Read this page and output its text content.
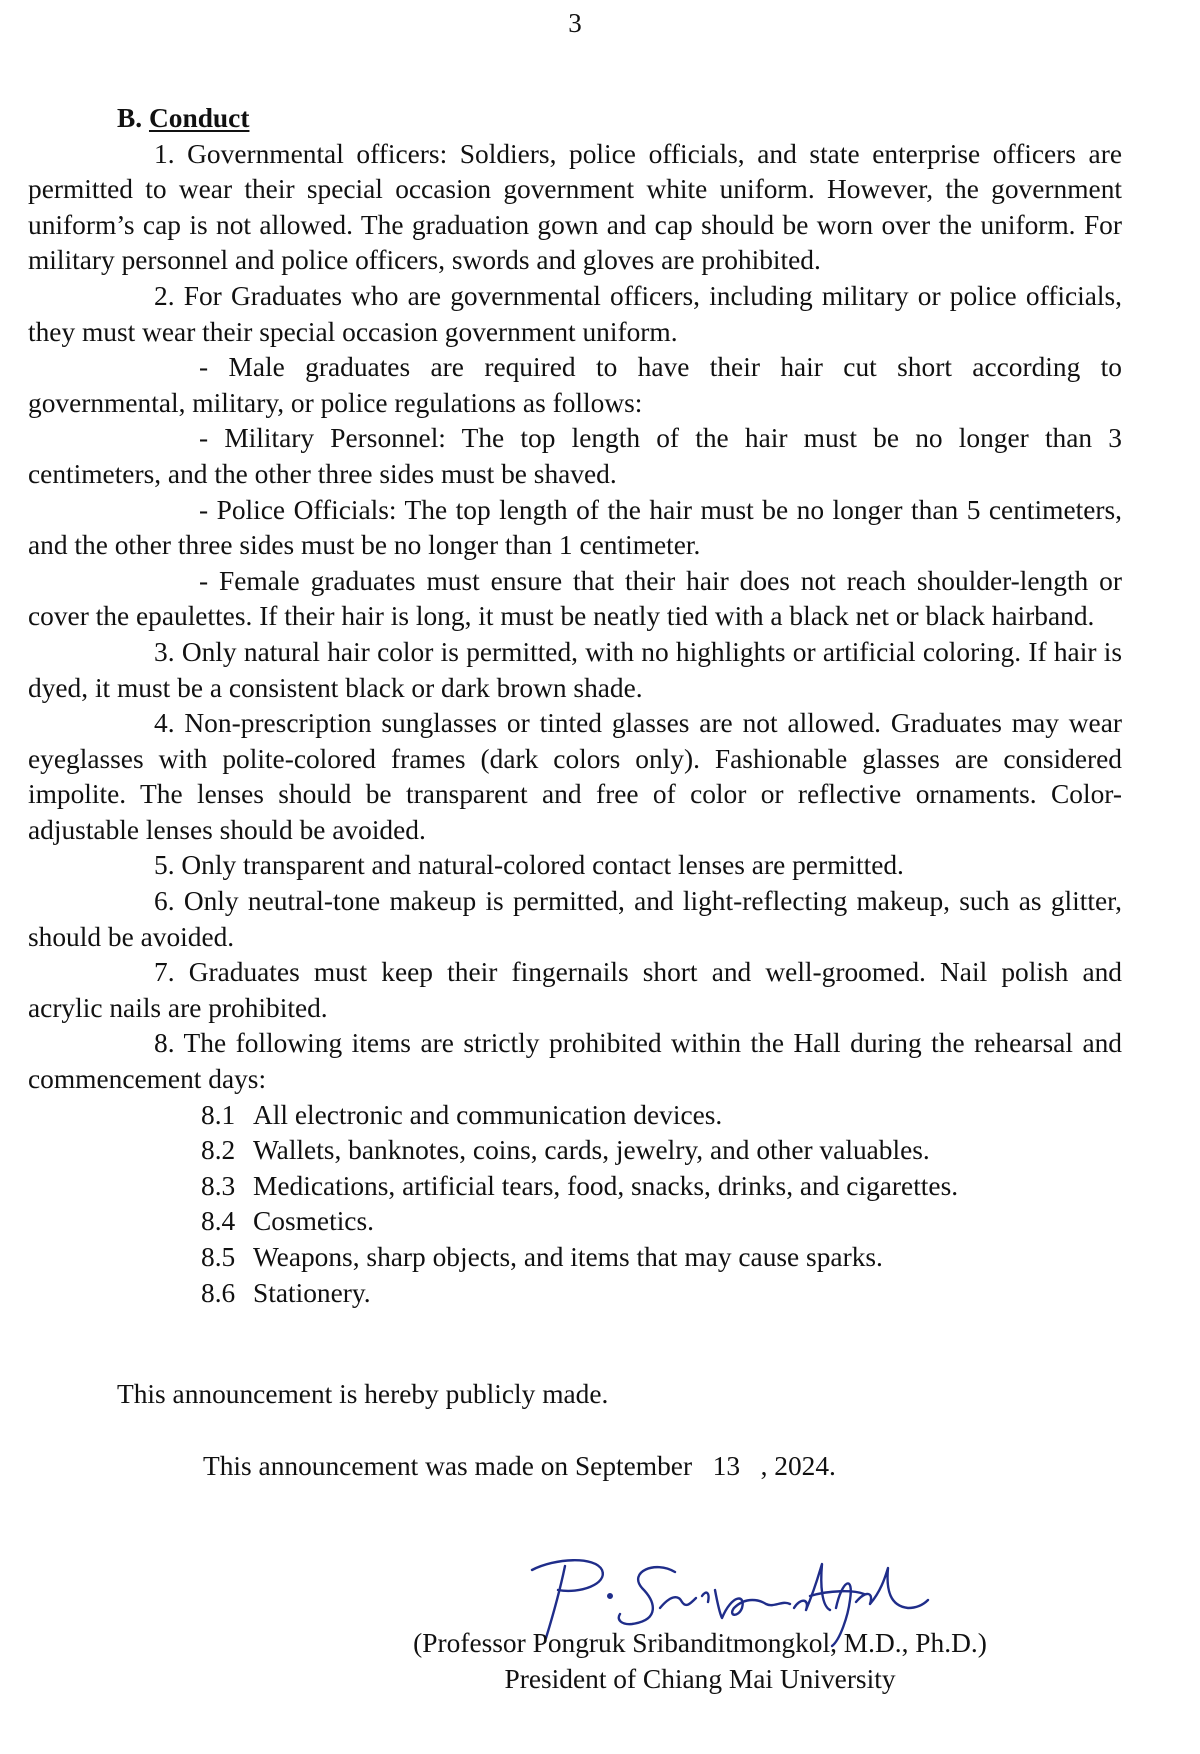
3
B. Conduct
1. Governmental officers: Soldiers, police officials, and state enterprise officers are permitted to wear their special occasion government white uniform. However, the government uniform’s cap is not allowed. The graduation gown and cap should be worn over the uniform. For military personnel and police officers, swords and gloves are prohibited.
2. For Graduates who are governmental officers, including military or police officials, they must wear their special occasion government uniform.
- Male graduates are required to have their hair cut short according to governmental, military, or police regulations as follows:
- Military Personnel: The top length of the hair must be no longer than 3 centimeters, and the other three sides must be shaved.
- Police Officials: The top length of the hair must be no longer than 5 centimeters, and the other three sides must be no longer than 1 centimeter.
- Female graduates must ensure that their hair does not reach shoulder-length or cover the epaulettes. If their hair is long, it must be neatly tied with a black net or black hairband.
3. Only natural hair color is permitted, with no highlights or artificial coloring. If hair is dyed, it must be a consistent black or dark brown shade.
4. Non-prescription sunglasses or tinted glasses are not allowed. Graduates may wear eyeglasses with polite-colored frames (dark colors only). Fashionable glasses are considered impolite. The lenses should be transparent and free of color or reflective ornaments. Color-adjustable lenses should be avoided.
5. Only transparent and natural-colored contact lenses are permitted.
6. Only neutral-tone makeup is permitted, and light-reflecting makeup, such as glitter, should be avoided.
7. Graduates must keep their fingernails short and well-groomed. Nail polish and acrylic nails are prohibited.
8. The following items are strictly prohibited within the Hall during the rehearsal and commencement days:
8.1 All electronic and communication devices.
8.2 Wallets, banknotes, coins, cards, jewelry, and other valuables.
8.3 Medications, artificial tears, food, snacks, drinks, and cigarettes.
8.4 Cosmetics.
8.5 Weapons, sharp objects, and items that may cause sparks.
8.6 Stationery.
This announcement is hereby publicly made.
This announcement was made on September   13   , 2024.
(Professor Pongruk Sribanditmongkol, M.D., Ph.D.)
President of Chiang Mai University
